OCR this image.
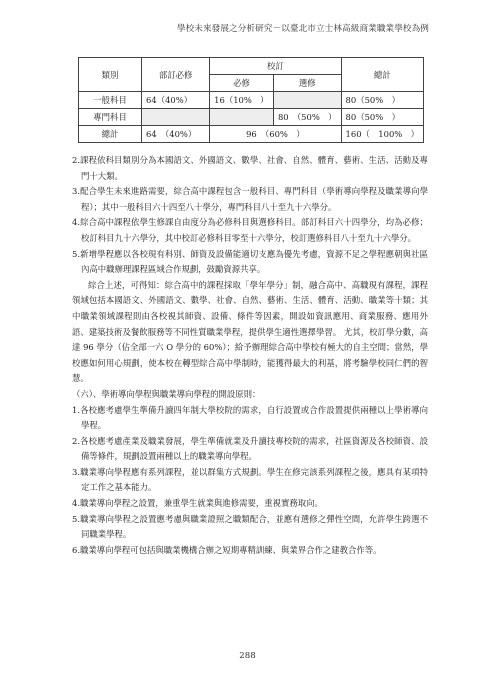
學校未來發展之分析研究－以臺北市立士林高級商業職業學校為例
類別	部訂必修	校訂		總計
		必修	選修	
一般科目	64（40%）	16（10%　）		80（50%　）
專門科目			80　（50%　）	80（50%　）
總計	64　（40%）	96　（60%　）		160（　100%　）

2.課程依科目類別分為本國語文、外國語文、數學、社會、自然、體育、藝術、生活、活動及專門十大類。

3.配合學生未來進路需要，綜合高中課程包含一般科目、專門科目（學術導向學程及職業導向學程）；其中一般科目六十四至八十學分，專門科目八十至九十六學分。

4.綜合高中課程依學生修課自由度分為必修科目與選修科目。部訂科目六十四學分，均為必修；校訂科目九十六學分，其中校訂必修科目零至十六學分，校訂選修科目八十至九十六學分。

5.新增學程應以各校現有科別、師資及設備能適切支應為優先考慮，資源不足之學程應朝與社區內高中職辦理課程區域合作規劃，鼓勵資源共享。

綜合上述，可得知：綜合高中的課程採取「學年學分」制，融合高中、高職現有課程，課程領域包括本國語文、外國語文、數學、社會、自然、藝術、生活、體育、活動、職業等十類；其中職業領域課程則由各校視其師資、設備、條件等因素，開設如資訊應用、商業服務、應用外語、建築技術及餐飲服務等不同性質職業學程，提供學生適性選擇學習。 尤其，校訂學分數，高達 96 學分（佔全部一六 O 學分的 60%）；給予辦理綜合高中學校有極大的自主空間；當然，學校應如何用心規劃，使本校在轉型綜合高中學制時，能獲得最大的利基，將考驗學校同仁們的智慧。

（六）、學術導向學程與職業導向學程的開設原則：

1.各校應考慮學生準備升讀四年制大學校院的需求，自行設置或合作設置提供兩種以上學術導向學程。

2.各校應考慮產業及職業發展，學生準備就業及升讀技專校院的需求，社區資源及各校師資、設備等條件，規劃設置兩種以上的職業導向學程。

3.職業導向學程應有系列課程，並以群集方式規劃。學生在修完該系列課程之後，應具有某項特定工作之基本能力。

4.職業導向學程之設置，兼重學生就業與進修需要，重視實務取向。

5.職業導向學程之設置應考慮與職業證照之職類配合，並應有選修之彈性空間，允許學生跨選不同職業學程。

6.職業導向學程可包括與職業機構合辦之短期專精訓練、與業界合作之建教合作等。

288
